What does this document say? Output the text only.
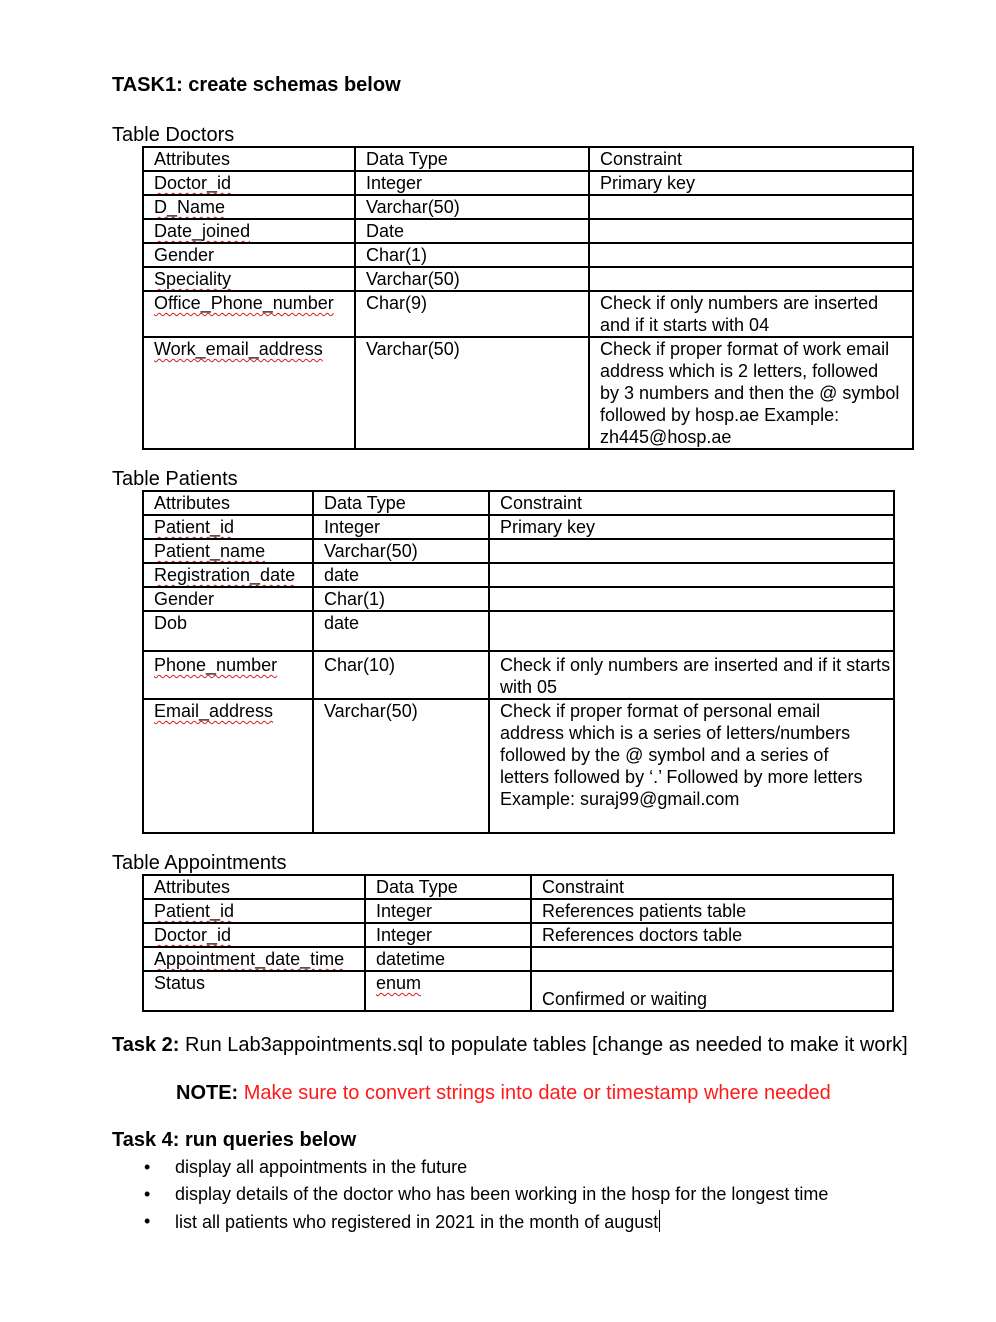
TASK1: create schemas below
Table Doctors
Attributes	Data Type	Constraint
Doctor_id	Integer	Primary key
D_Name	Varchar(50)	
Date_joined	Date	
Gender	Char(1)	
Speciality	Varchar(50)	
Office_Phone_number	Char(9)	Check if only numbers are inserted and if it starts with 04
Work_email_address	Varchar(50)	Check if proper format of work email address which is 2 letters, followed by 3 numbers and then the @ symbol followed by hosp.ae Example: zh445@hosp.ae
Table Patients
Attributes	Data Type	Constraint
Patient_id	Integer	Primary key
Patient_name	Varchar(50)	
Registration_date	date	
Gender	Char(1)	
Dob	date	
Phone_number	Char(10)	Check if only numbers are inserted and if it starts with 05
Email_address	Varchar(50)	Check if proper format of personal email address which is a series of letters/numbers followed by the @ symbol and a series of letters followed by ‘.’ Followed by more letters
Example: suraj99@gmail.com
Table Appointments
Attributes	Data Type	Constraint
Patient_id	Integer	References patients table
Doctor_id	Integer	References doctors table
Appointment_date_time	datetime	
Status	enum	Confirmed or waiting
Task 2: Run Lab3appointments.sql to populate tables [change as needed to make it work]
NOTE: Make sure to convert strings into date or timestamp where needed
Task 4: run queries below
• display all appointments in the future
• display details of the doctor who has been working in the hosp for the longest time
• list all patients who registered in 2021 in the month of august
